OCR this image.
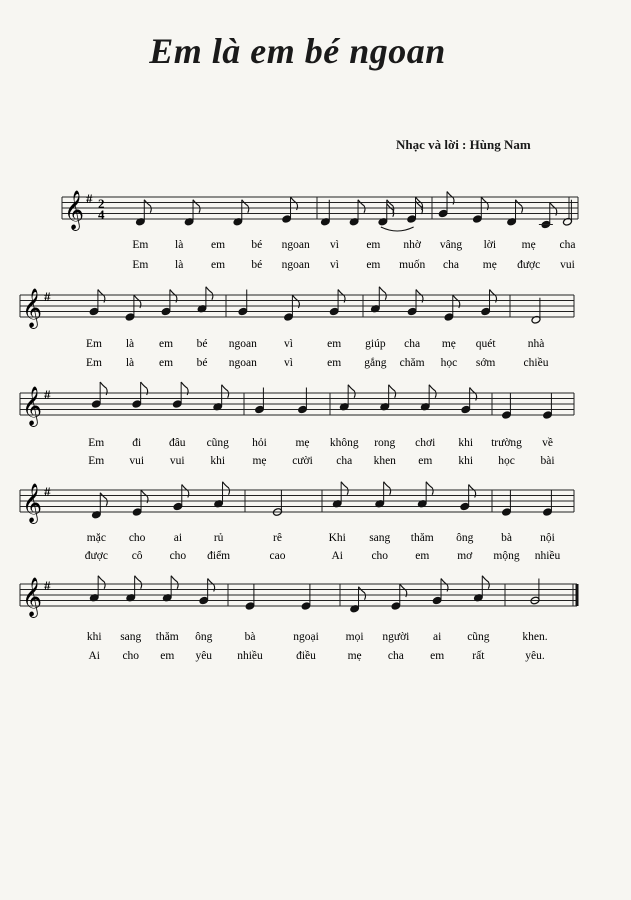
Em là em bé ngoan
Nhạc và lời : Hùng Nam
𝄞 # 2
4
Em là em bé ngoan vì em nhờ vâng lời mẹ cha
Em là em bé ngoan vì em muốn cha mẹ được vui
𝄞 #
Em là em bé ngoan vì	em giúp cha mẹ quét	nhà
Em là em bé ngoan vì	em gắng chăm học sớm chiều
𝄞 #
Em đi đâu cũng hỏi mẹ không rong chơi khi trường về
Em vui vui khi mẹ cười cha khen em khi học bài
𝄞 #
mặc cho ai	rủ	rê	Khi sang thăm ông bà nội
được cô cho điểm	cao	Ai cho em mơ mộng nhiều
𝄞 #
khi sang thăm ông	bà	ngoại mọi người ai cũng	khen.
Ai cho em yêu nhiều	điều	mẹ cha em rất	yêu.
